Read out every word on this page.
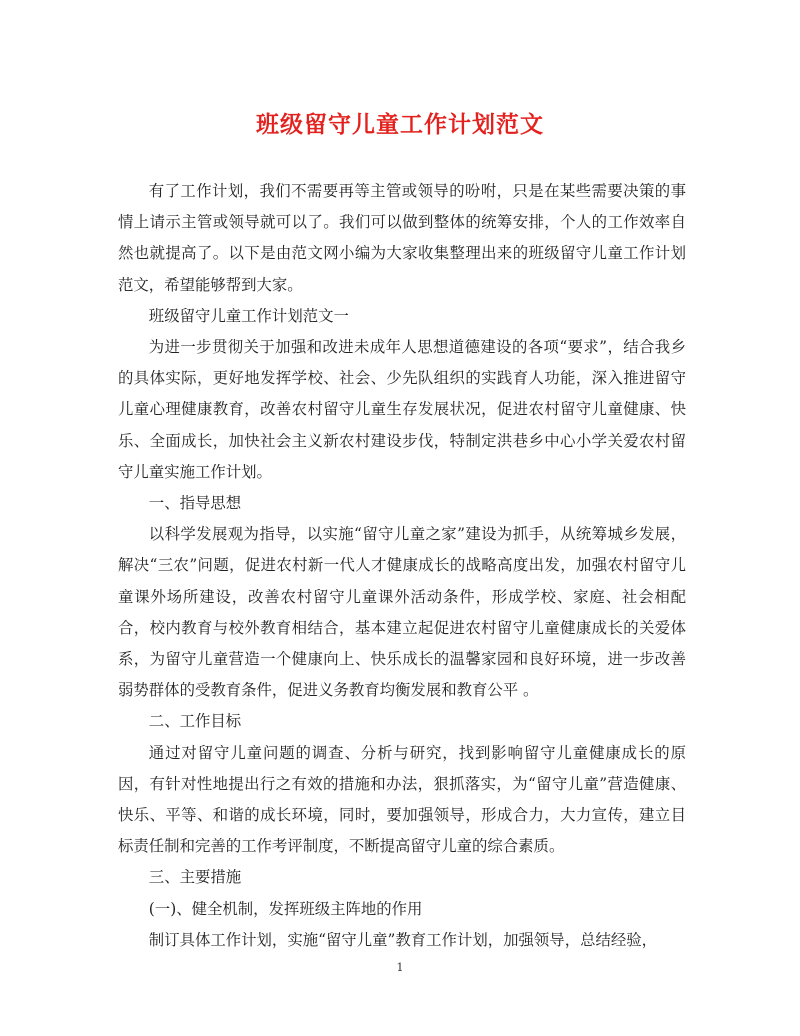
班级留守儿童工作计划范文

有了工作计划，我们不需要再等主管或领导的吩咐，只是在某些需要决策的事情上请示主管或领导就可以了。我们可以做到整体的统筹安排，个人的工作效率自然也就提高了。以下是由范文网小编为大家收集整理出来的班级留守儿童工作计划范文，希望能够帮到大家。

班级留守儿童工作计划范文一

为进一步贯彻关于加强和改进未成年人思想道德建设的各项“要求”，结合我乡的具体实际，更好地发挥学校、社会、少先队组织的实践育人功能，深入推进留守儿童心理健康教育，改善农村留守儿童生存发展状况，促进农村留守儿童健康、快乐、全面成长，加快社会主义新农村建设步伐，特制定洪巷乡中心小学关爱农村留守儿童实施工作计划。

一、指导思想

以科学发展观为指导，以实施“留守儿童之家”建设为抓手，从统筹城乡发展，解决“三农”问题，促进农村新一代人才健康成长的战略高度出发，加强农村留守儿童课外场所建设，改善农村留守儿童课外活动条件，形成学校、家庭、社会相配合，校内教育与校外教育相结合，基本建立起促进农村留守儿童健康成长的关爱体系，为留守儿童营造一个健康向上、快乐成长的温馨家园和良好环境，进一步改善弱势群体的受教育条件，促进义务教育均衡发展和教育公平 。

二、工作目标

通过对留守儿童问题的调查、分析与研究，找到影响留守儿童健康成长的原因，有针对性地提出行之有效的措施和办法，狠抓落实，为“留守儿童”营造健康、快乐、平等、和谐的成长环境，同时，要加强领导，形成合力，大力宣传，建立目标责任制和完善的工作考评制度，不断提高留守儿童的综合素质。

三、主要措施

(一)、健全机制，发挥班级主阵地的作用

制订具体工作计划，实施“留守儿童”教育工作计划，加强领导，总结经验，

1
